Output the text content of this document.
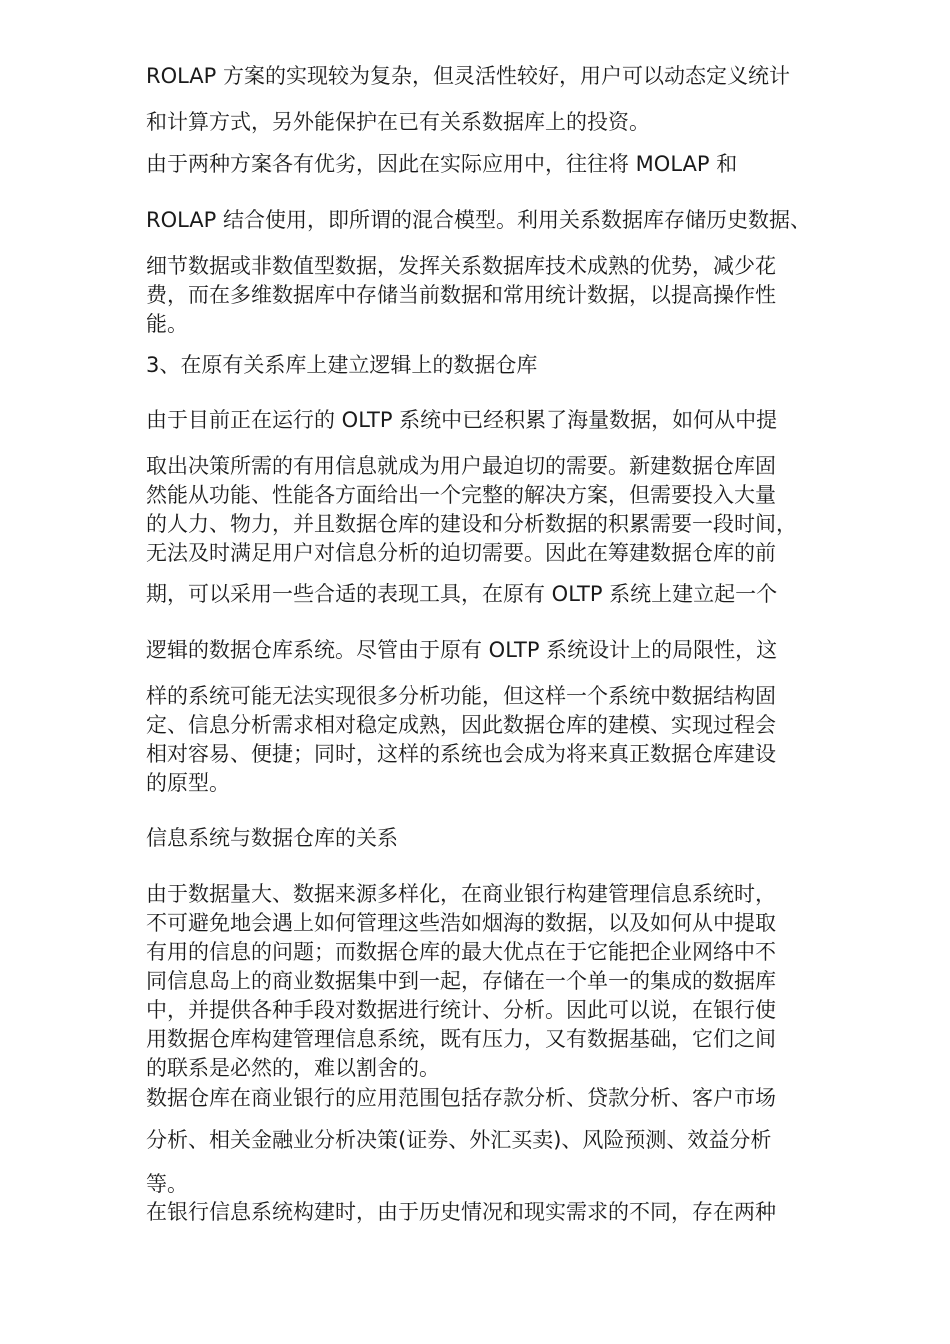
ROLAP 方案的实现较为复杂，但灵活性较好，用户可以动态定义统计
和计算方式，另外能保护在已有关系数据库上的投资。
由于两种方案各有优劣，因此在实际应用中，往往将 MOLAP 和
ROLAP 结合使用，即所谓的混合模型。利用关系数据库存储历史数据、
细节数据或非数值型数据，发挥关系数据库技术成熟的优势，减少花
费，而在多维数据库中存储当前数据和常用统计数据，以提高操作性
能。
3、在原有关系库上建立逻辑上的数据仓库
由于目前正在运行的 OLTP 系统中已经积累了海量数据，如何从中提
取出决策所需的有用信息就成为用户最迫切的需要。新建数据仓库固
然能从功能、性能各方面给出一个完整的解决方案，但需要投入大量
的人力、物力，并且数据仓库的建设和分析数据的积累需要一段时间，
无法及时满足用户对信息分析的迫切需要。因此在筹建数据仓库的前
期，可以采用一些合适的表现工具，在原有 OLTP 系统上建立起一个
逻辑的数据仓库系统。尽管由于原有 OLTP 系统设计上的局限性，这
样的系统可能无法实现很多分析功能，但这样一个系统中数据结构固
定、信息分析需求相对稳定成熟，因此数据仓库的建模、实现过程会
相对容易、便捷；同时，这样的系统也会成为将来真正数据仓库建设
的原型。
信息系统与数据仓库的关系
由于数据量大、数据来源多样化，在商业银行构建管理信息系统时，
不可避免地会遇上如何管理这些浩如烟海的数据，以及如何从中提取
有用的信息的问题；而数据仓库的最大优点在于它能把企业网络中不
同信息岛上的商业数据集中到一起，存储在一个单一的集成的数据库
中，并提供各种手段对数据进行统计、分析。因此可以说，在银行使
用数据仓库构建管理信息系统，既有压力，又有数据基础，它们之间
的联系是必然的，难以割舍的。
数据仓库在商业银行的应用范围包括存款分析、贷款分析、客户市场
分析、相关金融业分析决策(证券、外汇买卖)、风险预测、效益分析
等。
在银行信息系统构建时，由于历史情况和现实需求的不同，存在两种
